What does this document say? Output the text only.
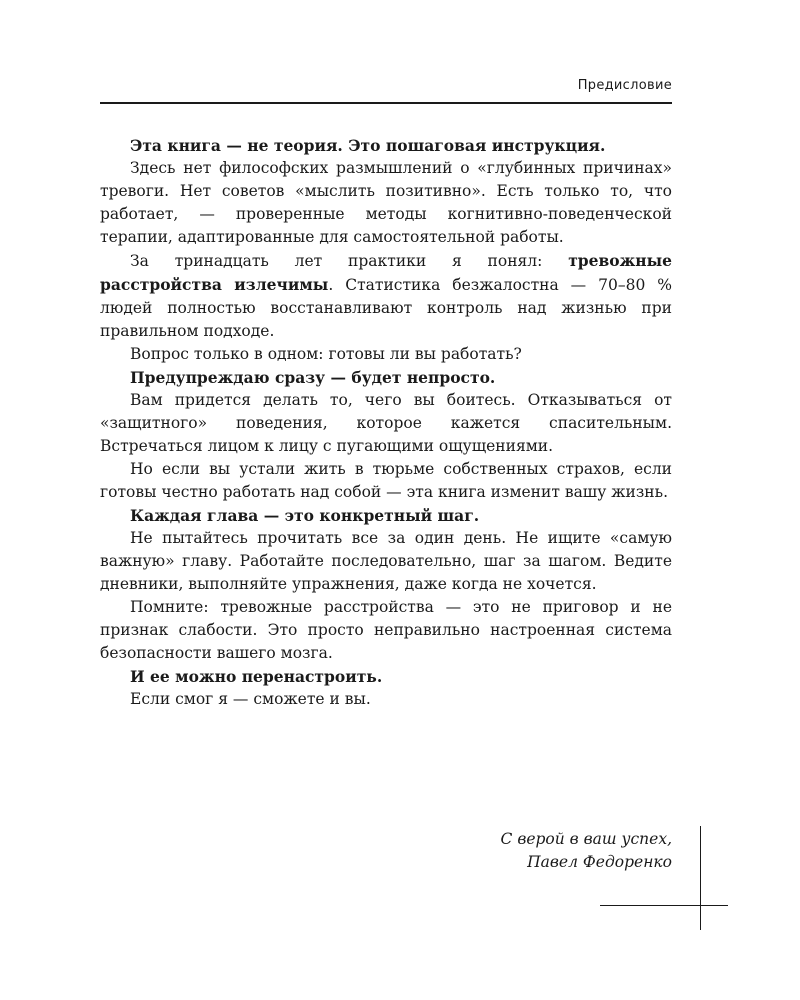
Предисловие

Эта книга — не теория. Это пошаговая инструкция.

Здесь нет философских размышлений о «глубинных причинах» тревоги. Нет советов «мыслить позитивно». Есть только то, что работает, — проверенные методы когнитивно-поведенческой терапии, адаптированные для самостоятельной работы.

За тринадцать лет практики я понял: тревожные расстройства излечимы. Статистика безжалостна — 70–80 % людей полностью восстанавливают контроль над жизнью при правильном подходе.

Вопрос только в одном: готовы ли вы работать?

Предупреждаю сразу — будет непросто.

Вам придется делать то, чего вы боитесь. Отказываться от «защитного» поведения, которое кажется спасительным. Встречаться лицом к лицу с пугающими ощущениями.

Но если вы устали жить в тюрьме собственных страхов, если готовы честно работать над собой — эта книга изменит вашу жизнь.

Каждая глава — это конкретный шаг.

Не пытайтесь прочитать все за один день. Не ищите «самую важную» главу. Работайте последовательно, шаг за шагом. Ведите дневники, выполняйте упражнения, даже когда не хочется.

Помните: тревожные расстройства — это не приговор и не признак слабости. Это просто неправильно настроенная система безопасности вашего мозга.

И ее можно перенастроить.

Если смог я — сможете и вы.

С верой в ваш успех,
Павел Федоренко
